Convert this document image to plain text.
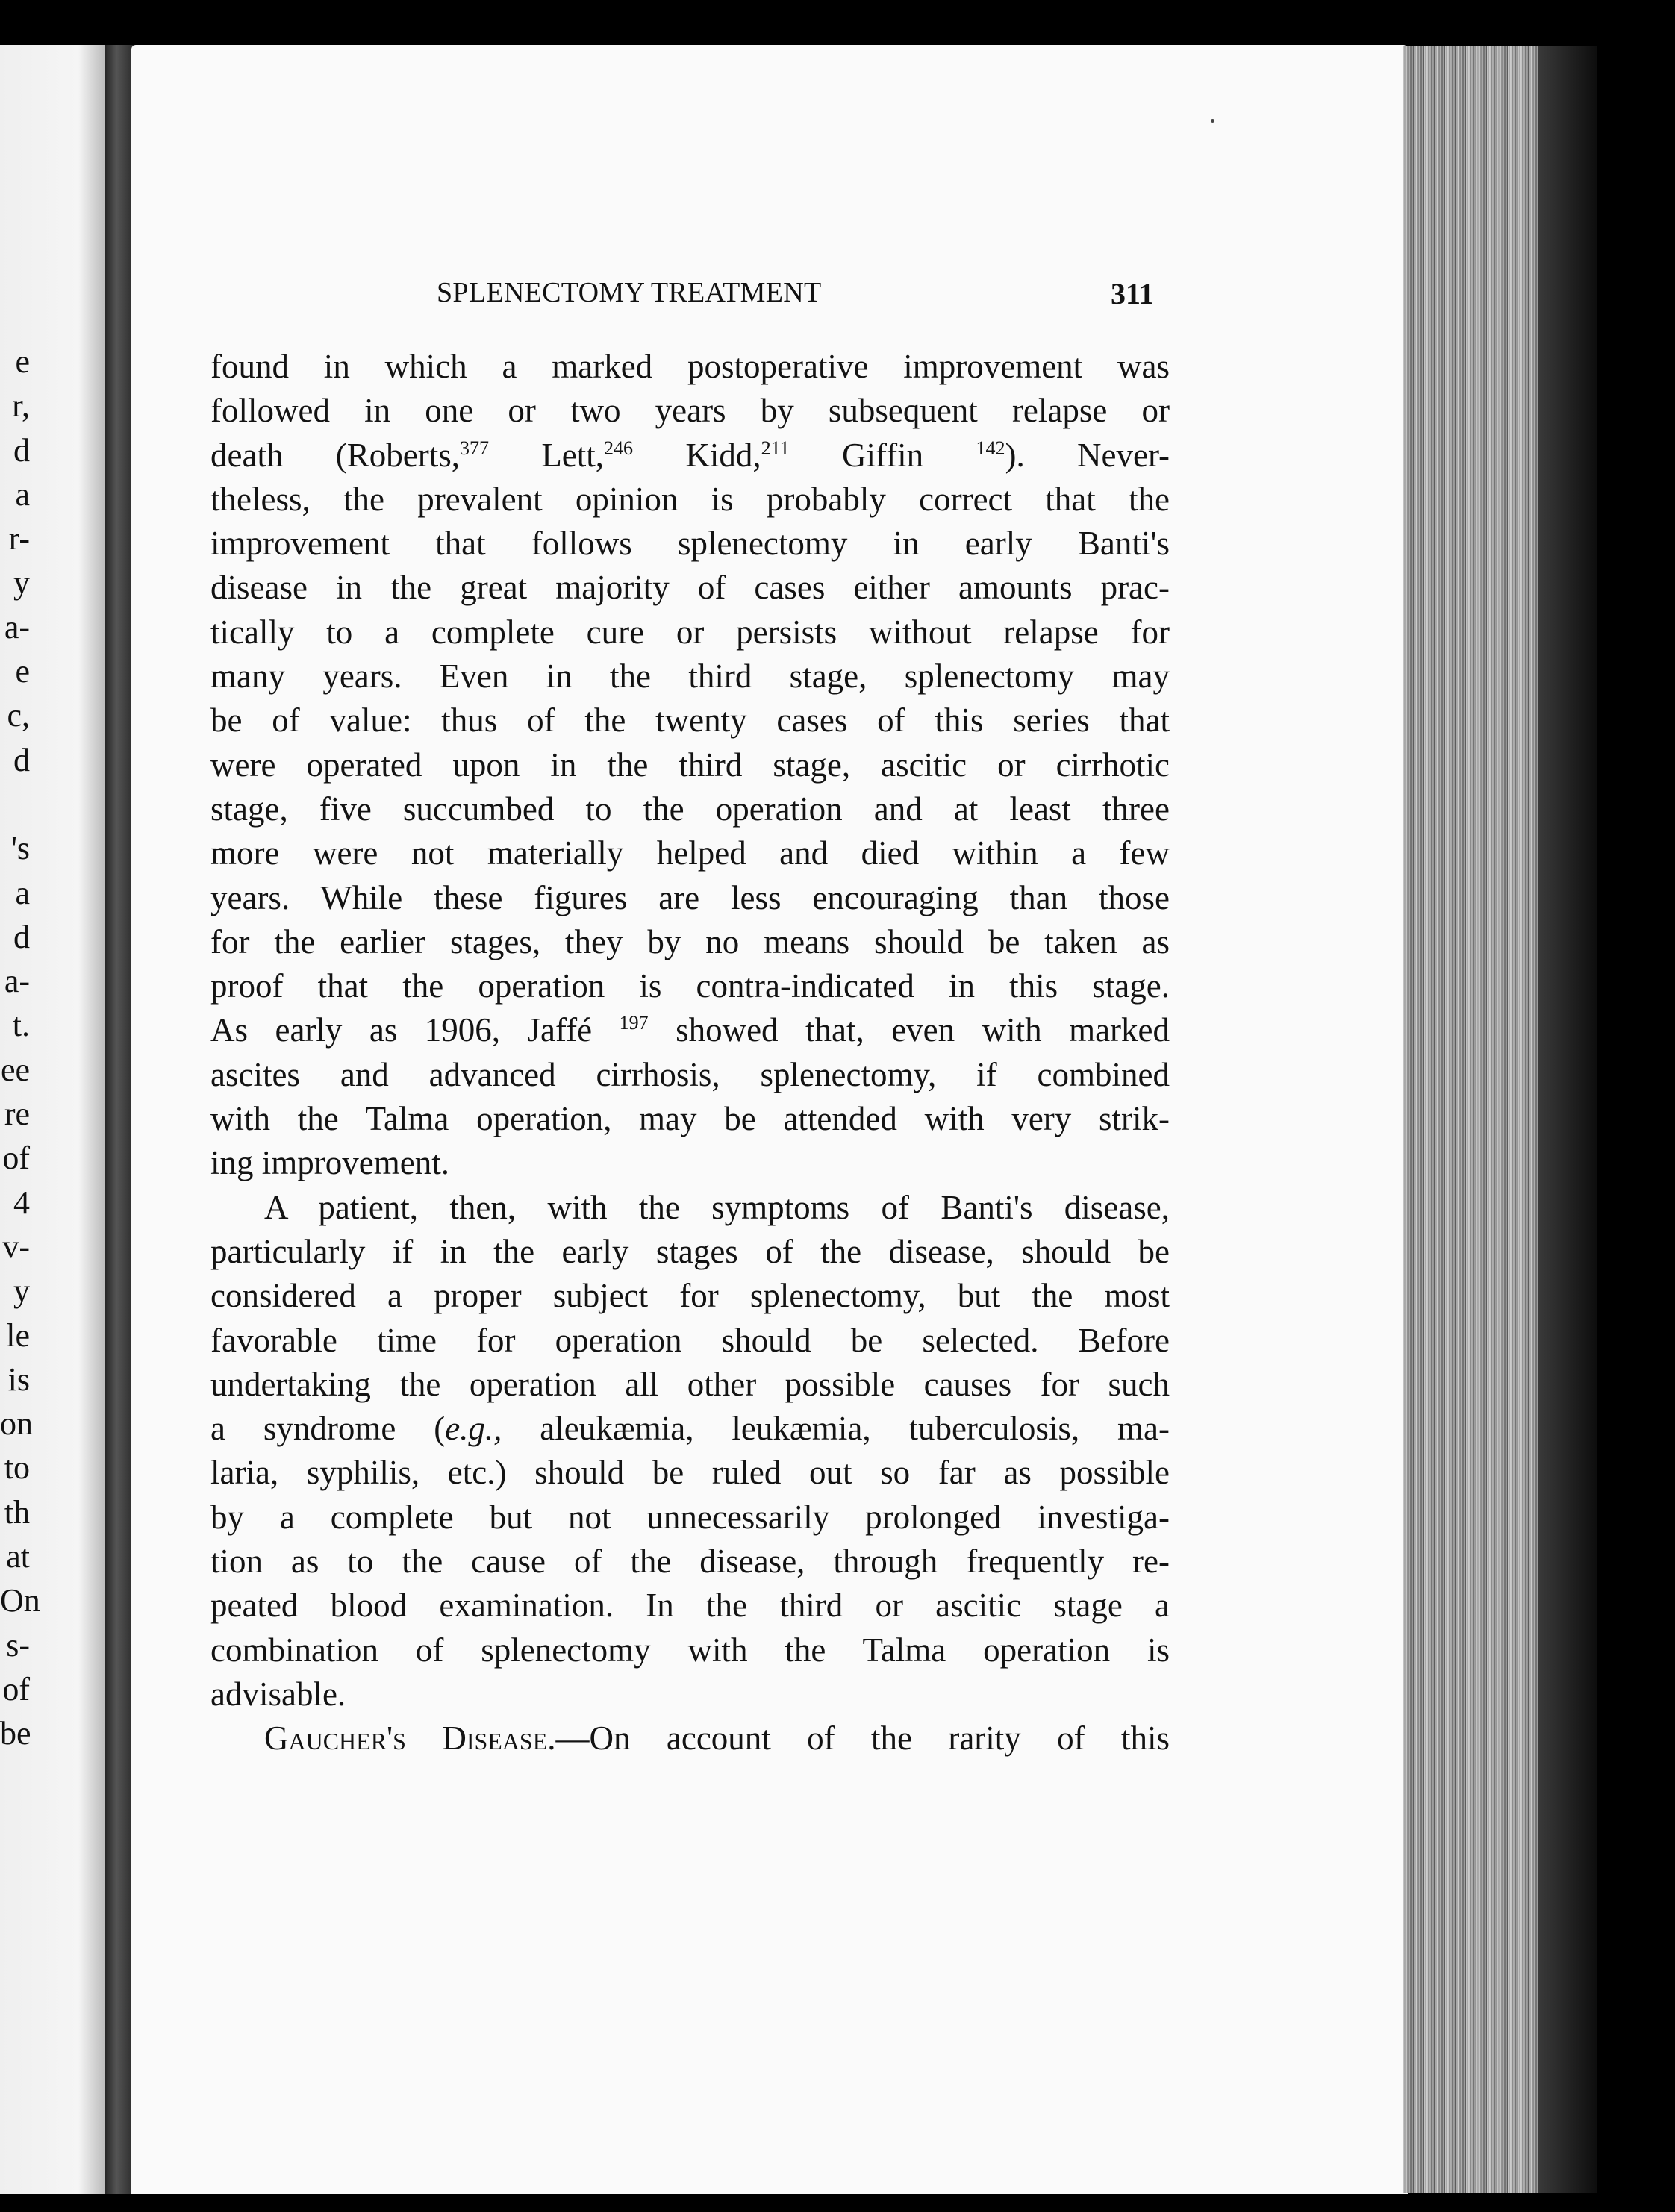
e
r,
d
a
r-
y
a-
e
c,
d
's
a
d
a-
t.
ee
re
of
4
v-
y
le
is
on
to
th
at
On
s-
of
be
SPLENECTOMY TREATMENT	311
found in which a marked postoperative improvement was
followed in one or two years by subsequent relapse or
death (Roberts,$^{377}$ Lett,$^{246}$ Kidd,$^{211}$ Giffin $^{142}$). Never-
theless, the prevalent opinion is probably correct that the
improvement that follows splenectomy in early Banti's
disease in the great majority of cases either amounts prac-
tically to a complete cure or persists without relapse for
many years. Even in the third stage, splenectomy may
be of value: thus of the twenty cases of this series that
were operated upon in the third stage, ascitic or cirrhotic
stage, five succumbed to the operation and at least three
more were not materially helped and died within a few
years. While these figures are less encouraging than those
for the earlier stages, they by no means should be taken as
proof that the operation is contra-indicated in this stage.
As early as 1906, Jaffé $^{197}$ showed that, even with marked
ascites and advanced cirrhosis, splenectomy, if combined
with the Talma operation, may be attended with very strik-
ing improvement.
A patient, then, with the symptoms of Banti's disease,
particularly if in the early stages of the disease, should be
considered a proper subject for splenectomy, but the most
favorable time for operation should be selected. Before
undertaking the operation all other possible causes for such
a syndrome (e.g., aleukæmia, leukæmia, tuberculosis, ma-
laria, syphilis, etc.) should be ruled out so far as possible
by a complete but not unnecessarily prolonged investiga-
tion as to the cause of the disease, through frequently re-
peated blood examination. In the third or ascitic stage a
combination of splenectomy with the Talma operation is
advisable.
Gaucher's Disease.—On account of the rarity of this
